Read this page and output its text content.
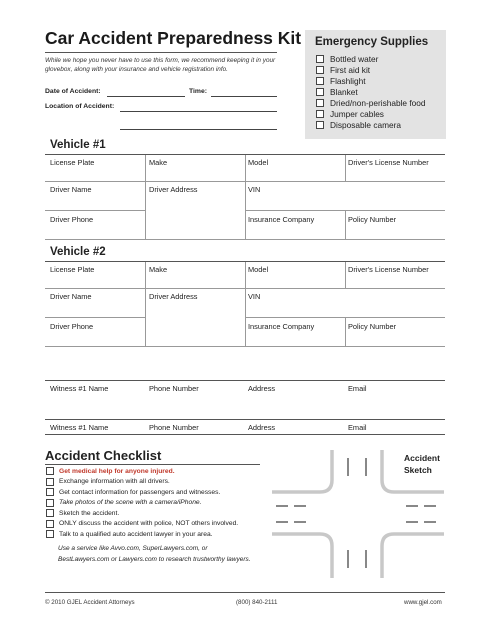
Car Accident Preparedness Kit
While we hope you never have to use this form, we recommend keeping it in your glovebox, along with your insurance and vehicle registration info.
Date of Accident:	Time:
Location of Accident:
Emergency Supplies
Bottled water
First aid kit
Flashlight
Blanket
Dried/non-perishable food
Jumper cables
Disposable camera
Vehicle #1
License Plate	Make	Model	Driver's License Number
Driver Name	Driver Address	VIN
Driver Phone	Insurance Company	Policy Number
Vehicle #2
License Plate	Make	Model	Driver's License Number
Driver Name	Driver Address	VIN
Driver Phone	Insurance Company	Policy Number
Witness #1 Name	Phone Number	Address	Email
Witness #1 Name	Phone Number	Address	Email
Accident Checklist
Get medical help for anyone injured.
Exchange information with all drivers.
Get contact information for passengers and witnesses.
Take photos of the scene with a camera/iPhone.
Sketch the accident.
ONLY discuss the accident with police, NOT others involved.
Talk to a qualified auto accident lawyer in your area.
Use a service like Avvo.com, SuperLawyers.com, or
BestLawyers.com or Lawyers.com to research trustworthy lawyers.
Accident
Sketch
© 2010 GJEL Accident Attorneys	(800) 840-2111	www.gjel.com
